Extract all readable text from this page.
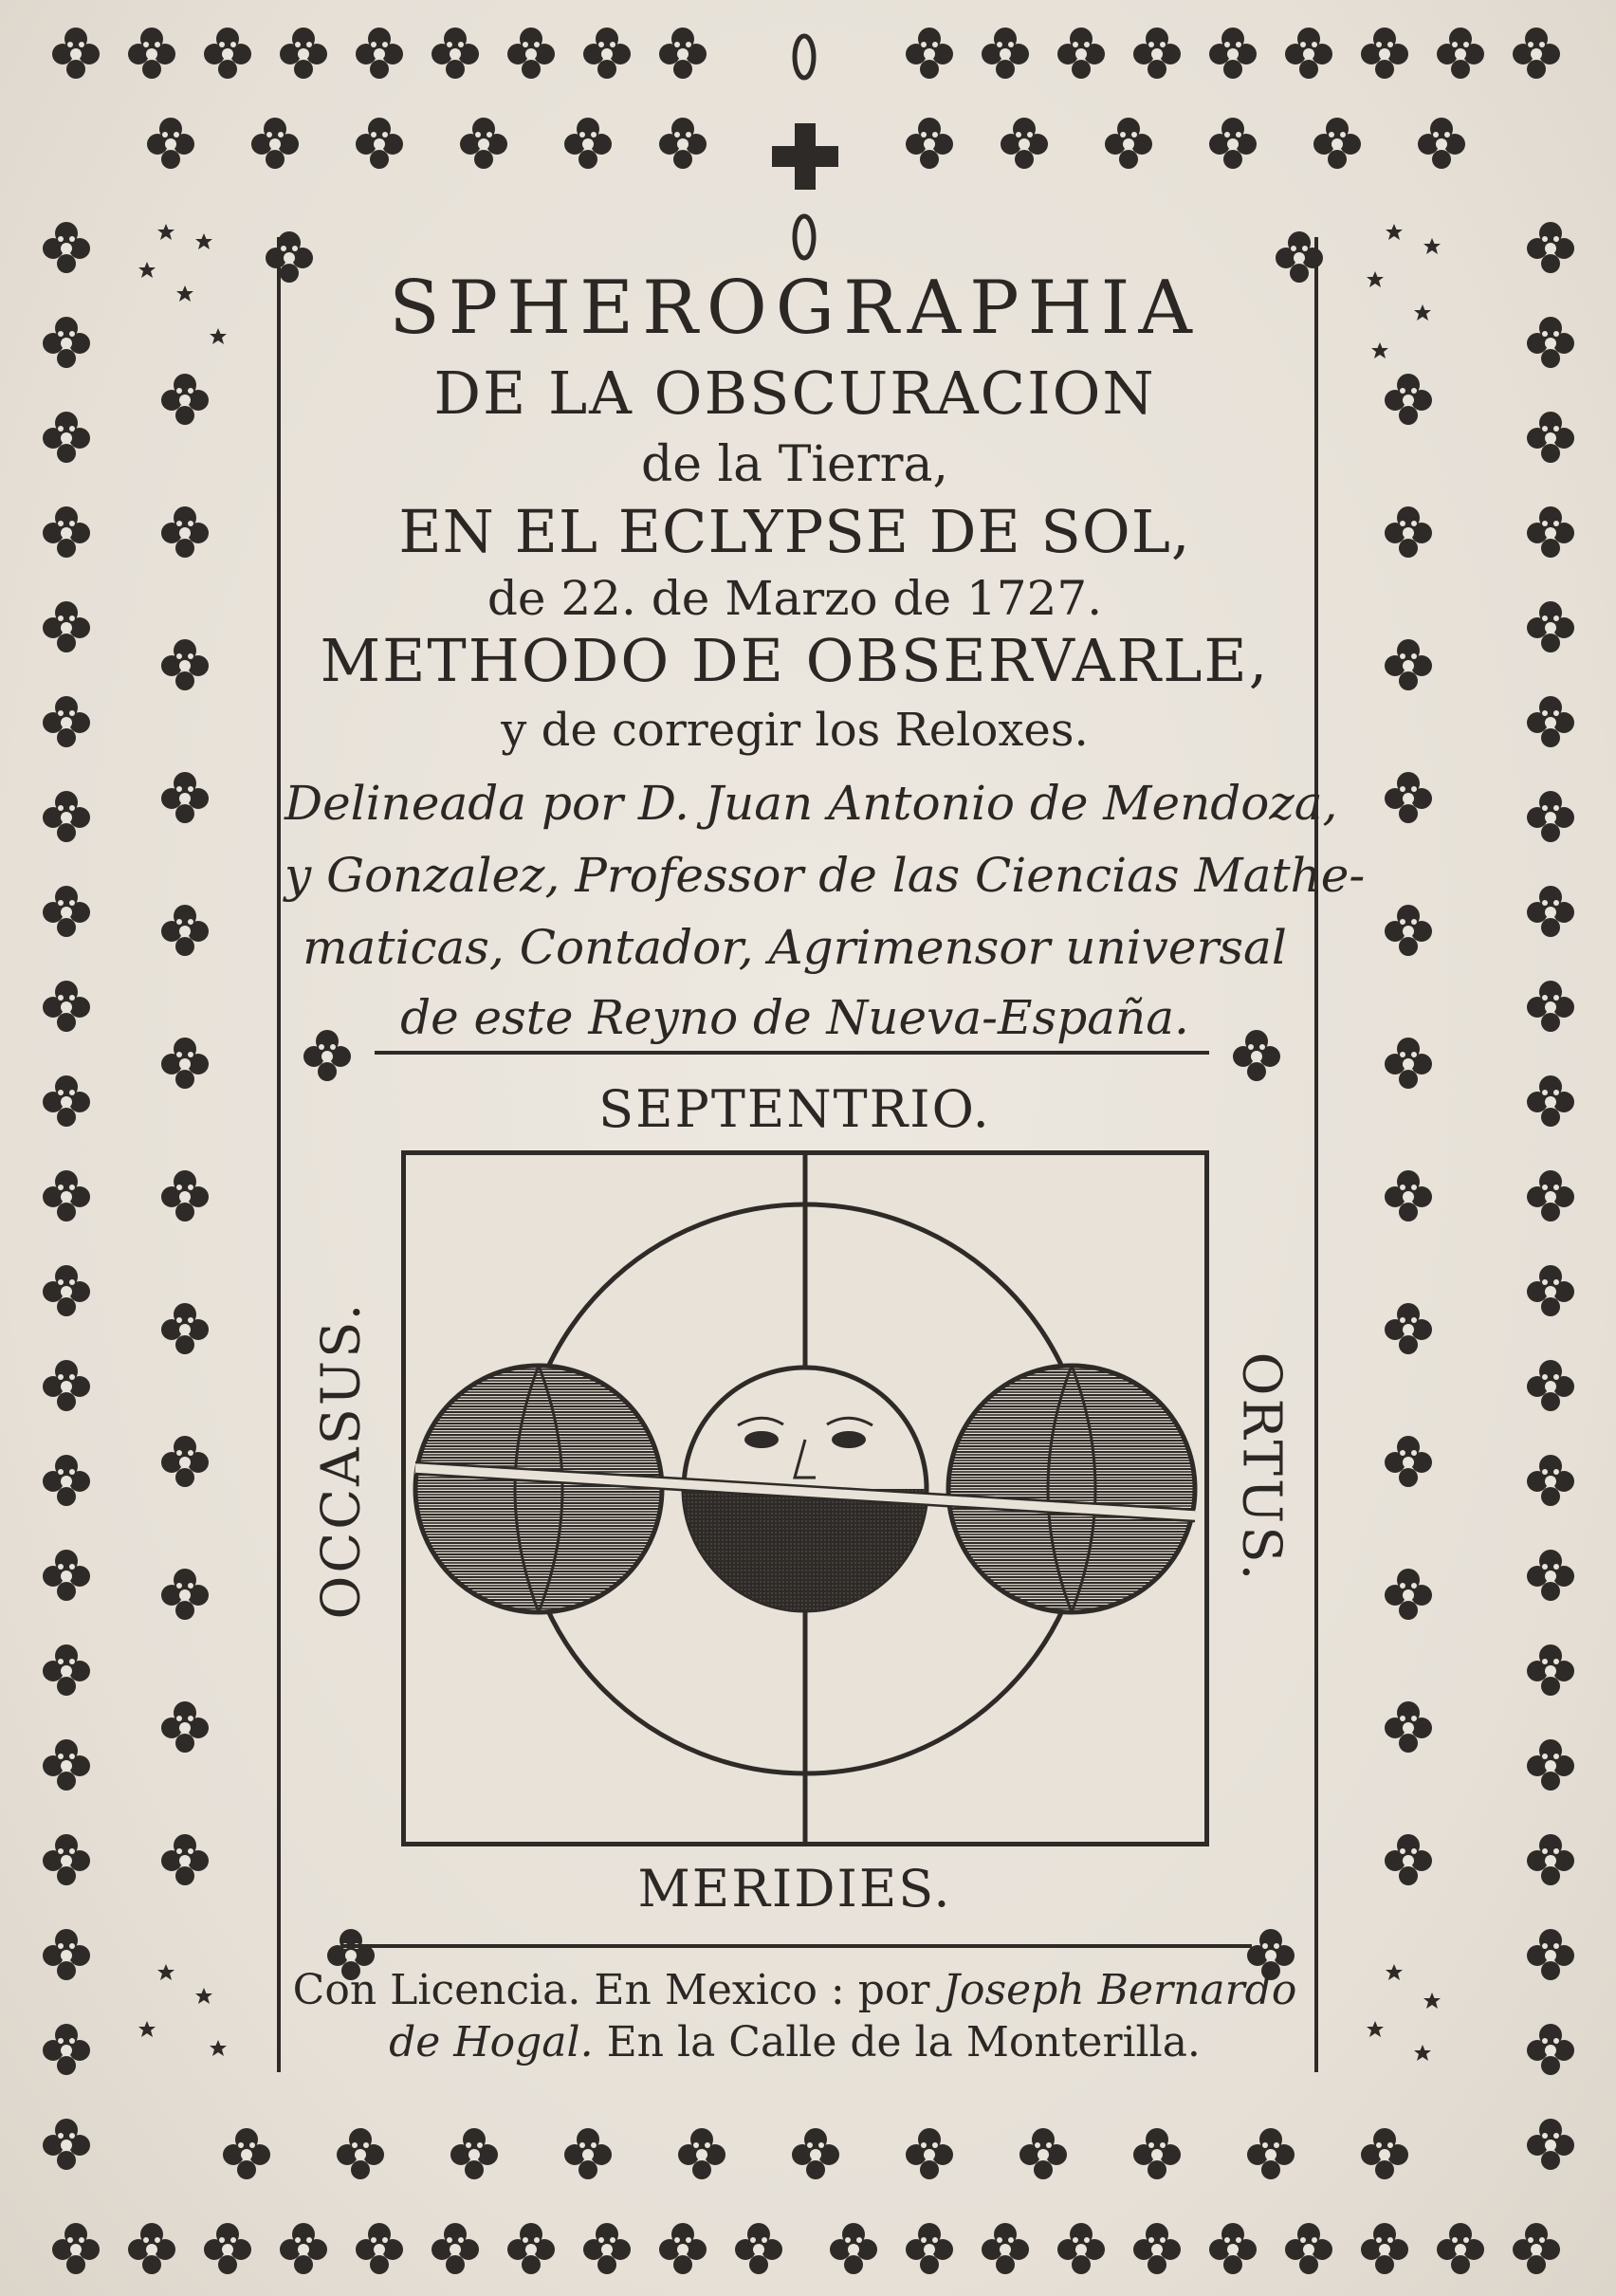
SPHEROGRAPHIA
DE LA OBSCURACION
de la Tierra,
EN EL ECLYPSE DE SOL,
de 22. de Marzo de 1727.
METHODO DE OBSERVARLE,
y de corregir los Reloxes.
Delineada por D. Juan Antonio de Mendoza,
y Gonzalez, Professor de las Ciencias Mathe-
maticas, Contador, Agrimensor universal
de este Reyno de Nueva-España.
SEPTENTRIO.
OCCASUS.	ORTUS.
MERIDIES.
Con Licencia. En Mexico : por Joseph Bernardo
de Hogal. En la Calle de la Monterilla.
